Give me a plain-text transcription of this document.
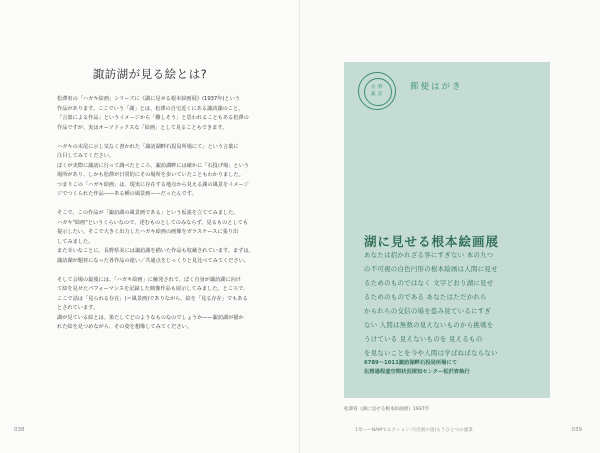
諏訪湖が見る絵とは?

松澤宥の「ハガキ絵画」シリーズに《湖に見せる根本絵画展》(1937年)という

作品があります。ここでいう「湖」とは、松澤の自宅近くにある諏訪湖のこと。

「言葉による作品」というイメージから「難しそう」と思われることもある松澤の

作品ですが、実はオーソドックスな「絵画」として見ることもできます。

ハガキの末尾に示し気なく書かれた「諏訪湖畔石投局所場にて」という言葉に

注目してみてください。

ぼくが実際に諏訪に行って調べたところ、諏訪湖畔には確かに「石投げ場」という

場所があり、しかも松澤が日常的にその場所を歩いていたこともわかりました。

つまりこの「ハガキ絵画」は、現実に存在する地点から見える湖の風景をイメージ

ジでつくられた作品——ある種の風景画——だったんです。

そこで、この作品が「諏訪湖の風景画である」という仮説を立ててみました。

ハガキ"絵画"というくらいなので、述むものとしてのみならず、見るものとしても

提示したい。そこで大きく出力したハガキ絵画の画像をガラスケースに張り出

してみました。

また幸いなことに、長野県美には諏訪湖を描いた作品も収蔵されています。まずは、

諏訪湖が題材になった各作品の違い／共通点をじっくりと見比べてみてください。

そして会場の最後には、「ハガキ絵画」に触発されて、ぼく自身が諏訪湖に向け

て絵を見せたパフォーマンスを記録した映像作品も展示してみました。ところで、

ここで話は「見られる存在」(＝風景画)でありながら、絵を「見る存在」でもある

とされています。

湖が見ている絵とは、果たしてどのようなものなのでしょうか——諏訪湖が描か

れた絵を見つめながら、その姿を想像してみてください。

038	039
1章——NAMでムクションゴ(出展の図)もうひとつの風景
長 野
諏 訪
郵便はがき
湖に見せる根本絵画展
あなたは招かれざる客にすぎない 本の九つ
の不可視の白色円形の根本絵画は人間に見せ
るためのものではなく 文字どおり湖に見せ
るためのものである あなたはただかれら
かられらの交信の場を盗み見ているにすぎ
ない 人間は無数の見えないものから挑戦を
うけている 見えないものを 見えるもの
を見ないことを今や人間は学ばねばならない
6789〜1011諏訪湖畔石投局所場にて
伝想過程虚空間状況探知センター松沢宥執行
松澤宥《湖に見せる根本絵画展》1937年
